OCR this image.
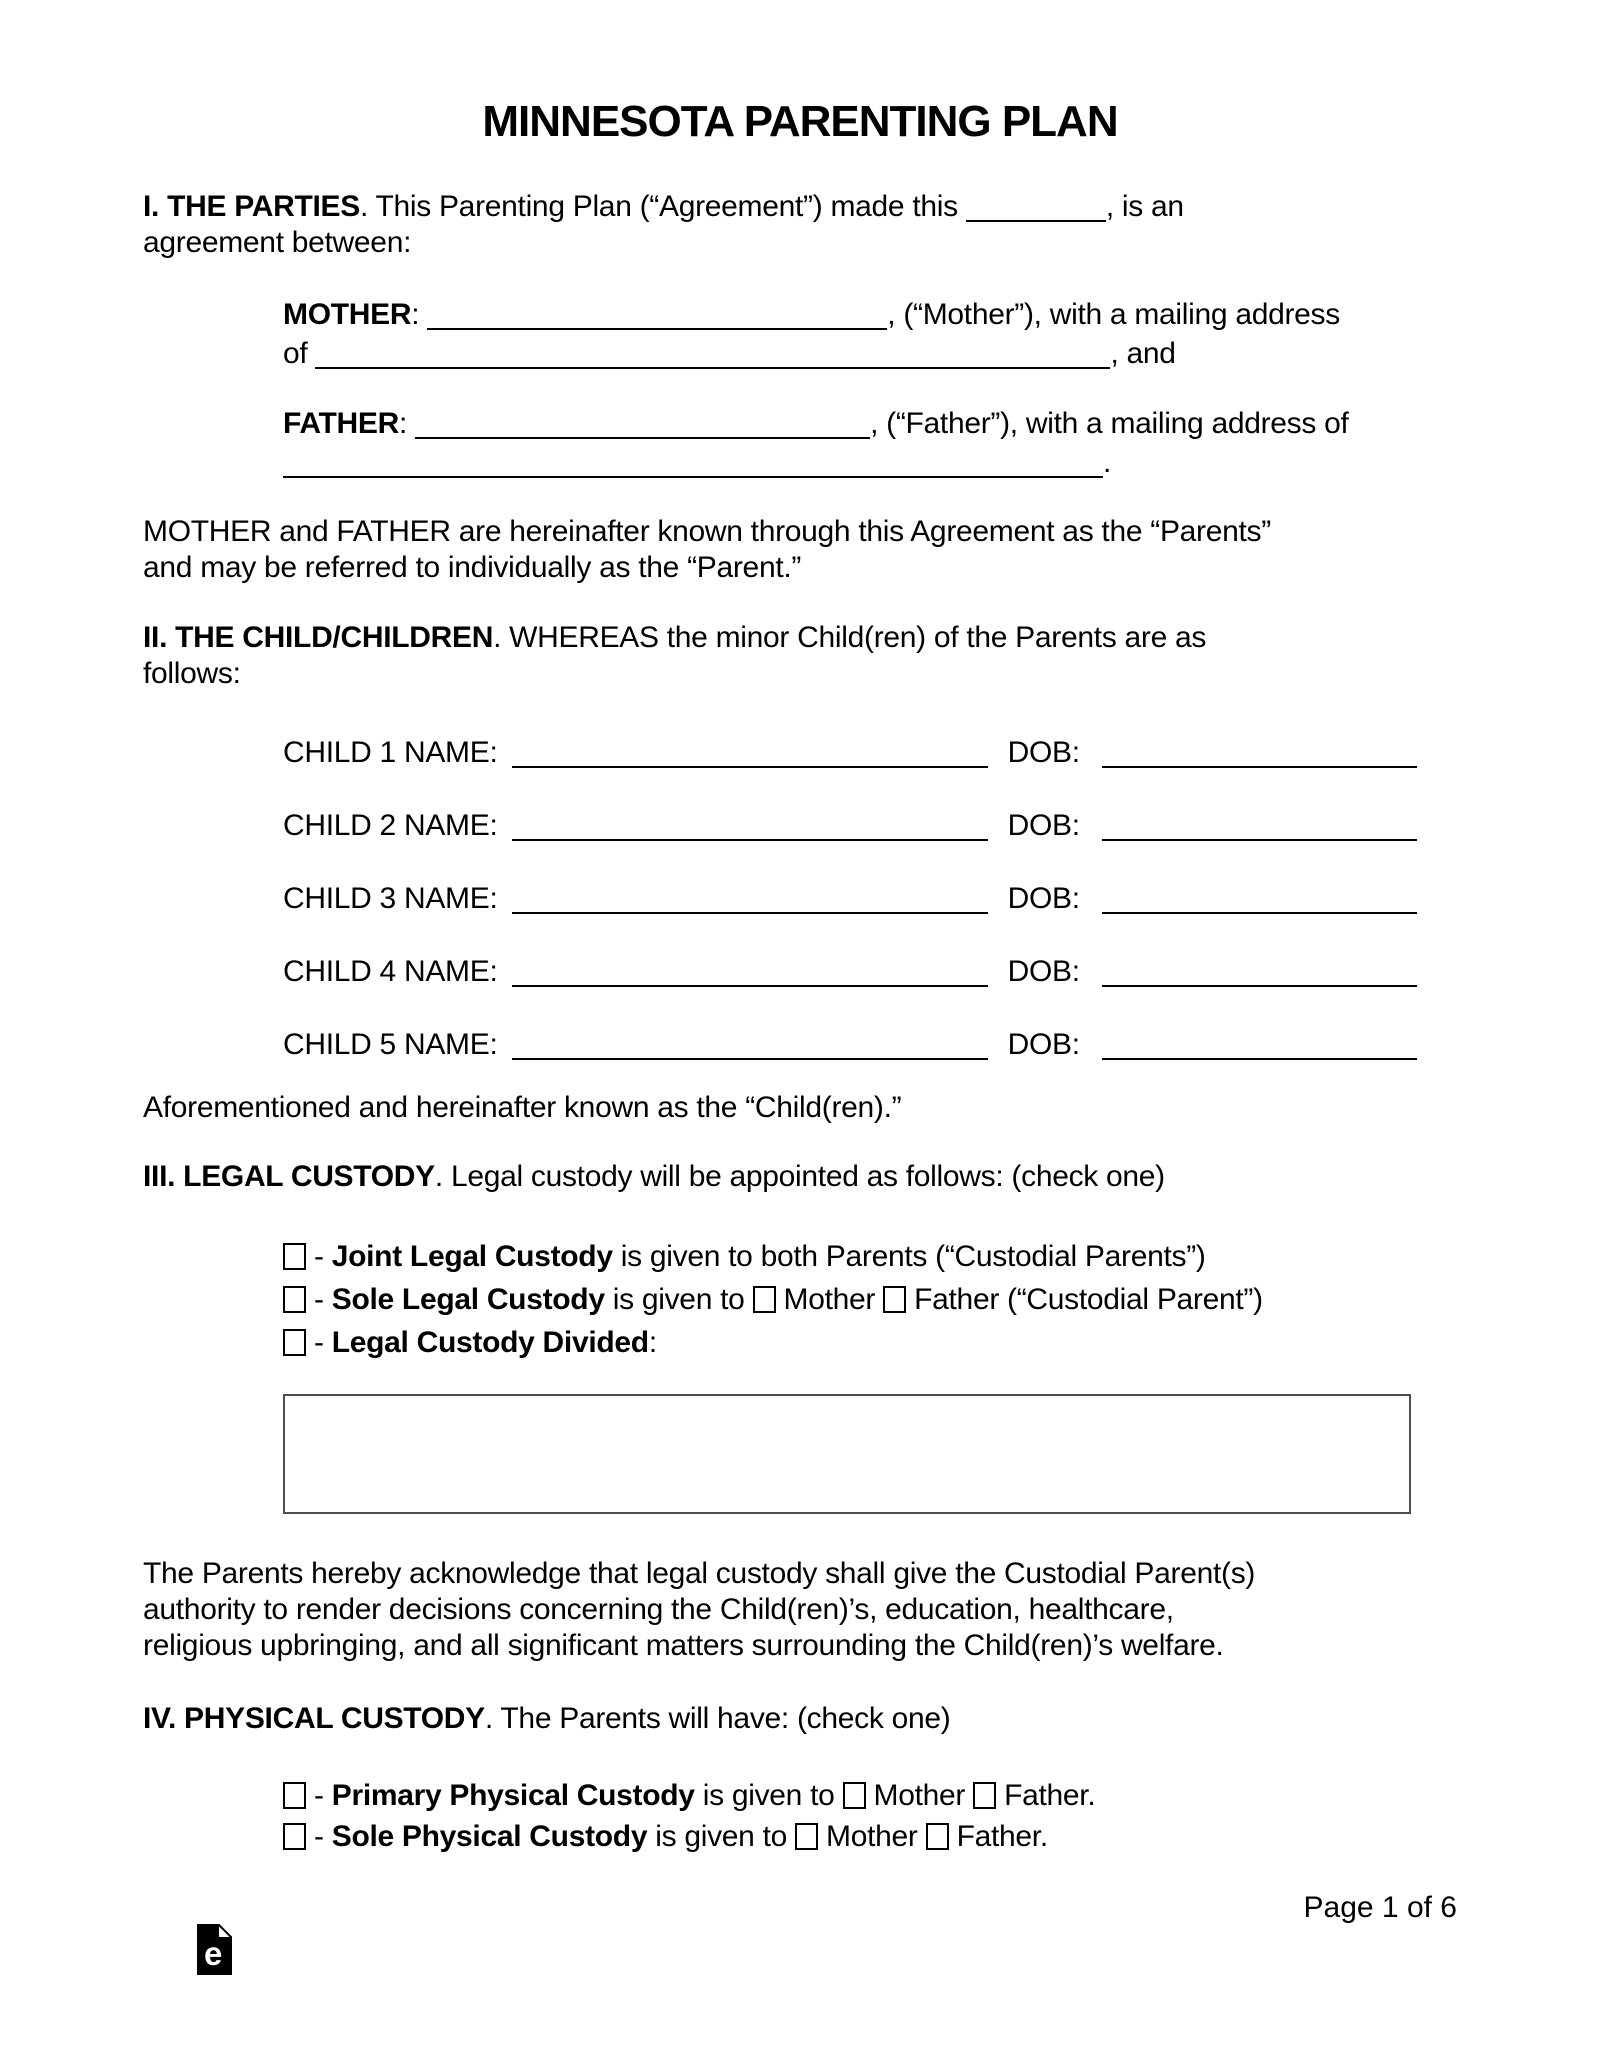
MINNESOTA PARENTING PLAN
I. THE PARTIES. This Parenting Plan (“Agreement”) made this	, is an
agreement between:
MOTHER:	, (“Mother”), with a mailing address
of	, and
FATHER:	, (“Father”), with a mailing address of
.
MOTHER and FATHER are hereinafter known through this Agreement as the “Parents”
and may be referred to individually as the “Parent.”
II. THE CHILD/CHILDREN. WHEREAS the minor Child(ren) of the Parents are as
follows:
CHILD 1 NAME:	DOB:
CHILD 2 NAME:	DOB:
CHILD 3 NAME:	DOB:
CHILD 4 NAME:	DOB:
CHILD 5 NAME:	DOB:
Aforementioned and hereinafter known as the “Child(ren).”
III. LEGAL CUSTODY. Legal custody will be appointed as follows: (check one)
- Joint Legal Custody is given to both Parents (“Custodial Parents”)
- Sole Legal Custody is given to Mother Father (“Custodial Parent”)
- Legal Custody Divided:
The Parents hereby acknowledge that legal custody shall give the Custodial Parent(s)
authority to render decisions concerning the Child(ren)’s, education, healthcare,
religious upbringing, and all significant matters surrounding the Child(ren)’s welfare.
IV. PHYSICAL CUSTODY. The Parents will have: (check one)
- Primary Physical Custody is given to Mother Father.
- Sole Physical Custody is given to Mother Father.
Page 1 of 6
e
